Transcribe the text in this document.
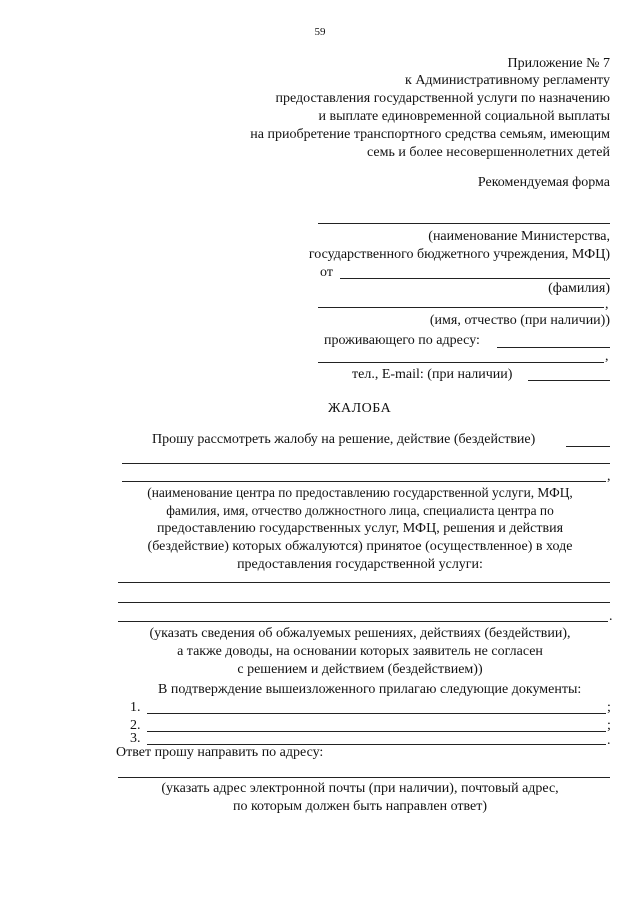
59
Приложение № 7
к Административному регламенту
предоставления государственной услуги по назначению
и выплате единовременной социальной выплаты
на приобретение транспортного средства семьям, имеющим
семь и более несовершеннолетних детей
Рекомендуемая форма
(наименование Министерства,
государственного бюджетного учреждения, МФЦ)
от
(фамилия)
,
(имя, отчество (при наличии))
проживающего по адресу:
,
тел., E-mail: (при наличии)
ЖАЛОБА
Прошу рассмотреть жалобу на решение, действие (бездействие)
,
(наименование центра по предоставлению государственной услуги, МФЦ,
фамилия, имя, отчество должностного лица, специалиста центра по
предоставлению государственных услуг, МФЦ, решения и действия
(бездействие) которых обжалуются) принятое (осуществленное) в ходе
предоставления государственной услуги:
.
(указать сведения об обжалуемых решениях, действиях (бездействии),
а также доводы, на основании которых заявитель не согласен
с решением и действием (бездействием))
В подтверждение вышеизложенного прилагаю следующие документы:
1.	;
2.	;
3.	.
Ответ прошу направить по адресу:
(указать адрес электронной почты (при наличии), почтовый адрес,
по которым должен быть направлен ответ)
